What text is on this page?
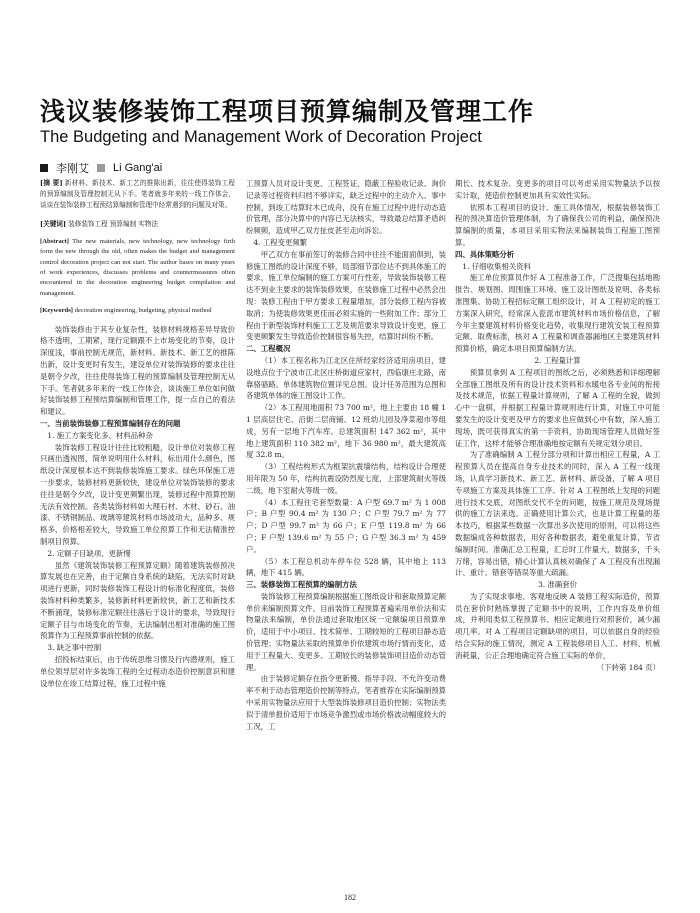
浅议装修装饰工程项目预算编制及管理工作
The Budgeting and Management Work of Decoration Project
李刚艾 Li Gang'ai

[摘 要] 新材料、新技术、新工艺的推陈出新，往往使得装饰工程的预算编制及管理控制无从下手。笔者就多年来的一线工作体会，谈谈在装饰装修工程预结算编制和管理中经常遇到的问题及对策。

[关键词] 装修装饰工程 预算编制 实物法

[Abstract] The new materials, new technology, new technology firth form the new through the old, often makes the budget and management control decoration project can not start. The author bases on many years of work experiences, discusses problems and countermeasures often encountered in the decoration engineering budget compilation and management.

[Keywords] decoration engineering, budgeting, physical method

装饰装修由于其专业复杂性，装修材料规格差异导致价格不透明，工期紧，现行定额跟不上市场变化的节奏，设计深度浅，事前控制无规范，新材料、新技术、新工艺的推陈出新，设计变更时有发生，建设单位对装饰装修的要求往往是朝令夕改，往往使得装饰工程的预算编制及管理控制无从下手。笔者就多年来的一线工作体会，谈谈施工单位如何做好装饰装修工程预结算编制和管理工作，提一点自己的看法和建议。

一、当前装饰装修工程预算编制存在的问题

1. 施工方案变化多、材料品种杂

装饰装修工程设计往往比较粗糙，设计单位对装修工程只画出透视图，简单说明用什么材料，标出用什么颜色，图纸设计深度根本达不到装修装饰施工要求。绿色环保施工进一步要求，装修材料更新较快，建设单位对装饰装修的要求往往是朝令夕改，设计变更频繁出现，装修过程中预算控制无法有效控制。各类装饰材料如大理石材、木材、砂石、油漆、不锈钢制品、玻璃等建筑材料市场波动大，品种多、规格多、价格相差较大，导致施工单位预算工作和无法精准控制项目预算。

2. 定额子目缺项、更新慢

虽然《建筑装饰装修工程预算定额》随着建筑装修预决算发展也在完善，由于定额自身系统的缺陷，无法实时对缺项进行更新，同时装修装饰工程设计的标准化程度低，装修装饰材料种类繁多，装修新材料更新较快，新工艺和新技术不断涌现，装修标准定额往往落后于设计的要求，导致现行定额子目与市场变化的节奏，无法编制出相对准确的施工图预算作为工程预算事前控制的依据。

3. 缺乏事中控制

招投标结束后，由于传统思维习惯及行内潜规则，施工单位领导层对许多装饰工程的全过程动态造价控制意识和建设单位在竣工结算过程，施工过程中施

工预算人员对设计变更、工程签证、隐蔽工程验收记录、询价记录等过程资料归档不够详实，缺乏过程中的主动介入、事中控制，到竣工结算时木已成舟，没有在施工过程中进行动态造价管理，部分决算中的内容已无法核实，导致最总结算矛盾纠纷频频，造成甲乙双方扯皮甚至走向诉讼。

4. 工程变更频繁

甲乙双方在事前签订的装修合同中往往不能面面俱到，装修施工图纸的设计深度不够，局部细节部位达不到具体施工的要求，施工单位编制的施工方案可行性差，导致装饰装修工程达不到业主要求的装饰装修效果，在装修施工过程中必然会出现：装修工程由于甲方要求工程量增加，部分装修工程内容被取消；为使装修效果更佳而必须实施的一些附加工作；部分工程由于新型装饰材料施工工艺及规范要求导致设计变更，施工变更频繁发生导致造价控制很容易失控，结算时纠纷不断。

二、工程概况

（1）本工程名称为江北区住所经家经济适用房项目，建设地点位于宁波市江北区庄桥街道应家村，西临康庄北路，南靠骆骆路。单体建筑物位置详见总图。设计任务范围为总图和各建筑单体的施工图设计工作。

（2）本工程用地面积 73 700 m²，地上主要由 18 幢 11 层高层住宅、沿街二层商铺、12 班幼儿园及净菜超市等组成，另有一层地下汽车库。总建筑面积 147 362 m²，其中地上建筑面积 110 382 m²，地下 36 980 m²，最大建筑高度 32.8 m。

（3）工程结构形式为框架抗震墙结构，结构设计合理使用年限为 50 年，结构抗震设防烈度七度，上部建筑耐火等级二级，地下室耐火等级一级。

（4）本工程住宅套型数量：A 户型 69.7 m² 为 1 008 户；B 户型 90.4 m² 为 130 户；C 户型 79.7 m² 为 77 户；D 户型 99.7 m² 为 66 户；E 户型 119.8 m² 为 66 户；F 户型 139.6 m² 为 55 户；G 户型 36.3 m² 为 459 户。

（5）本工程总机动车停车位 528 辆，其中地上 113 辆，地下 415 辆。

三、装修装饰工程预算的编制方法

装饰装修工程预算编制根据施工图纸设计和套取预算定额单价来编制预算文件。目前装饰工程预算普遍采用单价法和实物量法来编制，单价法通过套取地区统一定额编项目预算单价，适用于中小项目、技术简单、工期较短的工程项目静态造价管理；实物量法采取的预算单价依建筑市场行情而变化，适用于工程量大、变更多、工期较长的装修装饰项目造价动态管理。

由于装修定额存在指令更新慢、指导手段、不允许变动费率不利于动态管理造价控制等特点，笔者推荐在实际编制预算中采用实物量法应用于大型装饰装修项目造价控制；实物法类似于清单报价适用于市场竞争激烈或市场价格波动幅度较大的工况，工

期长、技术复杂、变更多的项目可以考虑采用实物量法予以按实计取，使造价控制更加具有实效性实际。

依照本工程项目的设计、施工具体情况，根据装修装饰工程的预决算造价管理体制，为了确保我公司的利益，确保预决算编制的质量，本项目采用实物法来编制装饰工程施工图预算。

四、具体策略分析

1. 仔细收集相关资料

施工单位预算员作好 A 工程准备工作，广泛搜集包括地勘报告、规划图、周围施工环境、施工设计图纸及说明、各类标准图集、协助工程招标定额工组织设计，对 A 工程初定的施工方案深入研究，经常深入瓷派市建筑材料市场价格信息，了解今年主要建筑材料价格变化趋势，收集现行建筑安装工程预算定额、取费标准，核对 A 工程量和调查器漏地区主要建筑材料预算价格，确定本项目预算编制方法。

2. 工程量计算

预算员拿到 A 工程项目的图纸之后，必须熟悉和详细理解全部施工图纸及所有的设计技术资料和水暖电各专业间的衔接及技术规范，依据工程量计算规则，了解 A 工程的全貌，做到心中一盘棋，并根据工程量计算规则进行计算，对施工中可能要发生的设计变更及甲方的要求也应做到心中有数，深入施工现场，既可获得真实的第一手资料，协助现场管理人员做好签证工作，这样才能够合理准确地按定额有关规定划分项目。

为了准确编制 A 工程分部分项和计算出相应工程量，A 工程预算人员在提高自身专业技术的同时，深入 A 工程一线现场，认真学习新技术、新工艺、新材料、新设备，了解 A 项目专项施工方案及具体施工工序。针对 A 工程图纸上发现的问题进行技术交底，对图纸交代不全的问题，按施工规范及现场提供的施工方法来选。正确使用计算公式，也是计算工程量的基本技巧，根据某些数据一次算出多次使用的原则，可以将这些数据编成各种数据表，用好各种数据表，避免重复计算，节省编制时间。准确汇总工程量，汇总时工作量大，数据多，千头万绪，容易出错，精心计算认真核对确保了 A 工程没有出现漏计、重计、错套等错误等重大疏漏。

3. 准确套价

为了实现求事地、客观地反映 A 装修工程实际造价，预算员在套价时熟练掌握了定额书中的说明，工作内容及单价组成，并利用类似工程预算书、相应定额进行对照套价，减少漏项几率。对 A 工程项目定额缺项的项目，可以依据自身的经验结合实际的施工情况，测定 A 工程装修项目人工、材料、机械消耗量，公正合理地确定符合施工实际的单价，

（下转第 184 页）

182
